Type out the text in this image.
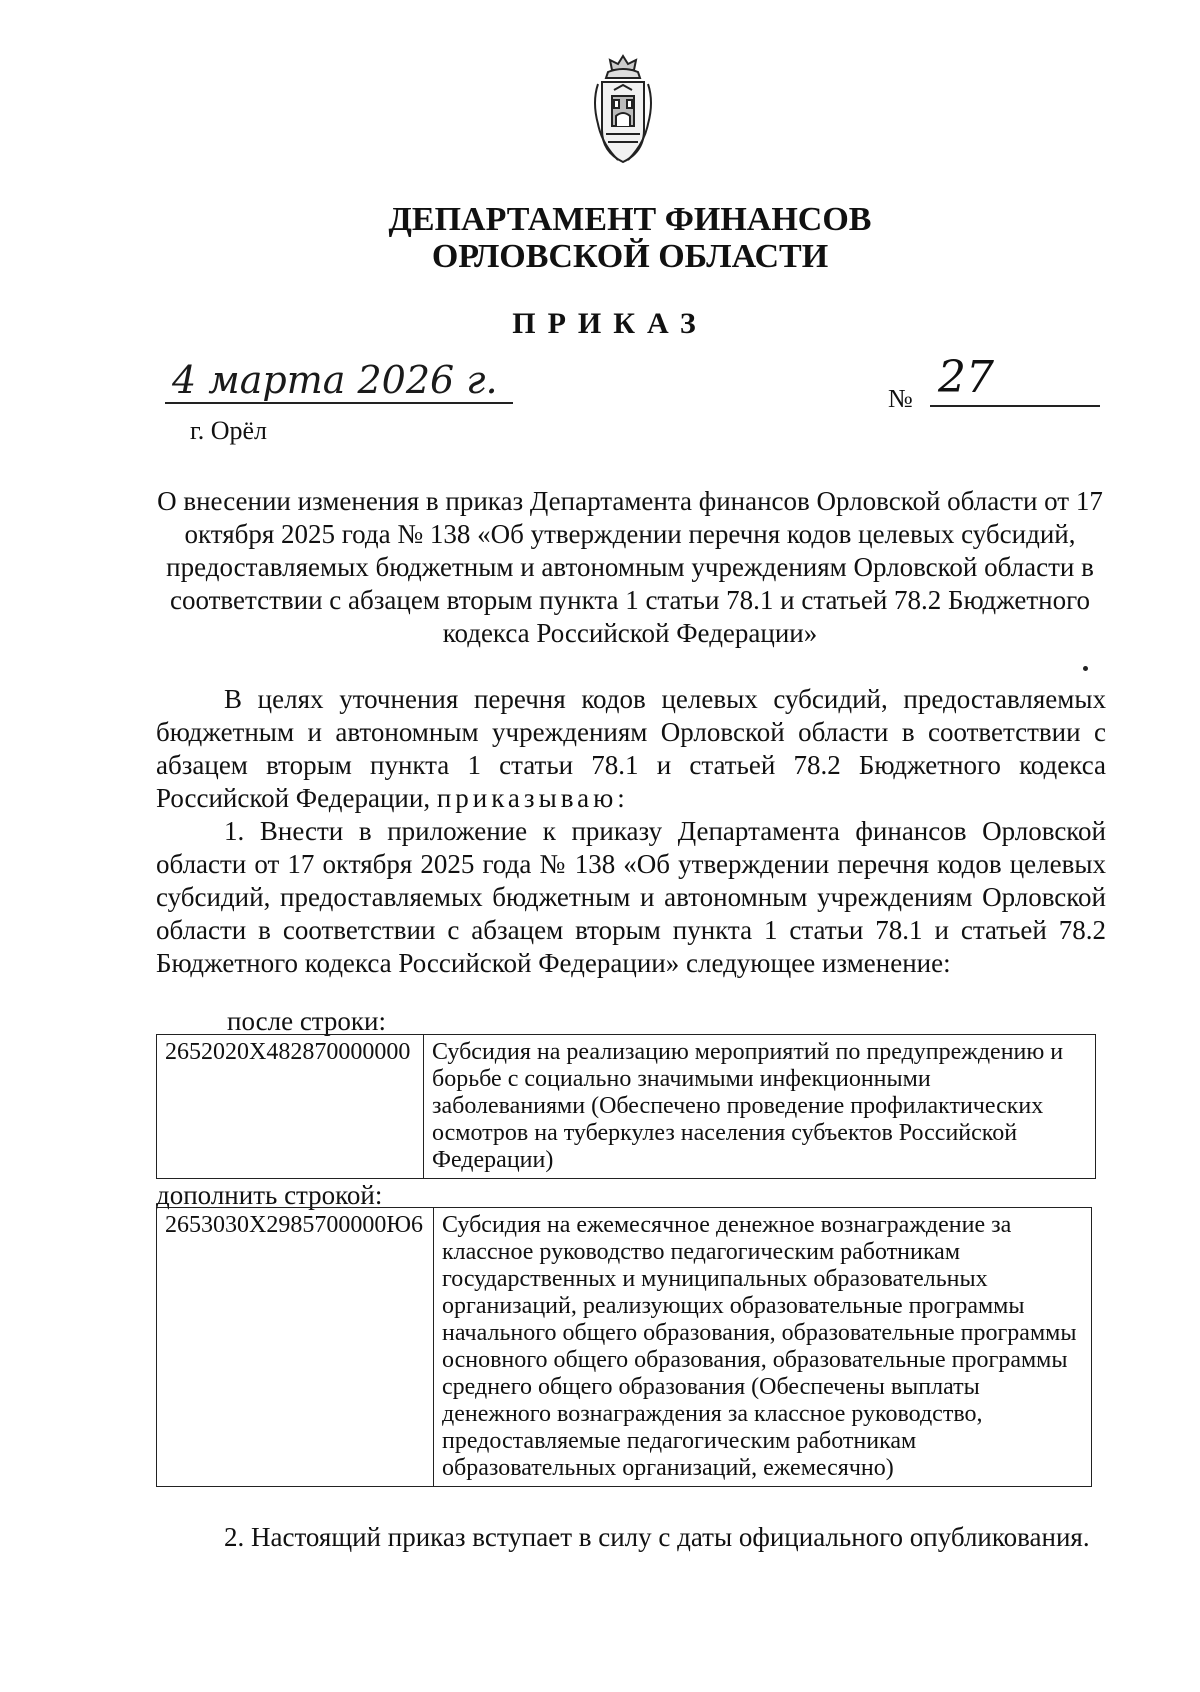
ДЕПАРТАМЕНТ ФИНАНСОВ
ОРЛОВСКОЙ ОБЛАСТИ
ПРИКАЗ
4 марта 2026 г.
г. Орёл
№ 27
О внесении изменения в приказ Департамента финансов Орловской области от 17 октября 2025 года № 138 «Об утверждении перечня кодов целевых субсидий, предоставляемых бюджетным и автономным учреждениям Орловской области в соответствии с абзацем вторым пункта 1 статьи 78.1 и статьей 78.2 Бюджетного кодекса Российской Федерации»
В целях уточнения перечня кодов целевых субсидий, предоставляемых бюджетным и автономным учреждениям Орловской области в соответствии с абзацем вторым пункта 1 статьи 78.1 и статьей 78.2 Бюджетного кодекса Российской Федерации, приказываю:
1. Внести в приложение к приказу Департамента финансов Орловской области от 17 октября 2025 года № 138 «Об утверждении перечня кодов целевых субсидий, предоставляемых бюджетным и автономным учреждениям Орловской области в соответствии с абзацем вторым пункта 1 статьи 78.1 и статьей 78.2 Бюджетного кодекса Российской Федерации» следующее изменение:
после строки:
2652020X482870000000	Субсидия на реализацию мероприятий по предупреждению и борьбе с социально значимыми инфекционными заболеваниями (Обеспечено проведение профилактических осмотров на туберкулез населения субъектов Российской Федерации)
дополнить строкой:
2653030X2985700000Ю6	Субсидия на ежемесячное денежное вознаграждение за классное руководство педагогическим работникам государственных и муниципальных образовательных организаций, реализующих образовательные программы начального общего образования, образовательные программы основного общего образования, образовательные программы среднего общего образования (Обеспечены выплаты денежного вознаграждения за классное руководство, предоставляемые педагогическим работникам образовательных организаций, ежемесячно)
2. Настоящий приказ вступает в силу с даты официального опубликования.
